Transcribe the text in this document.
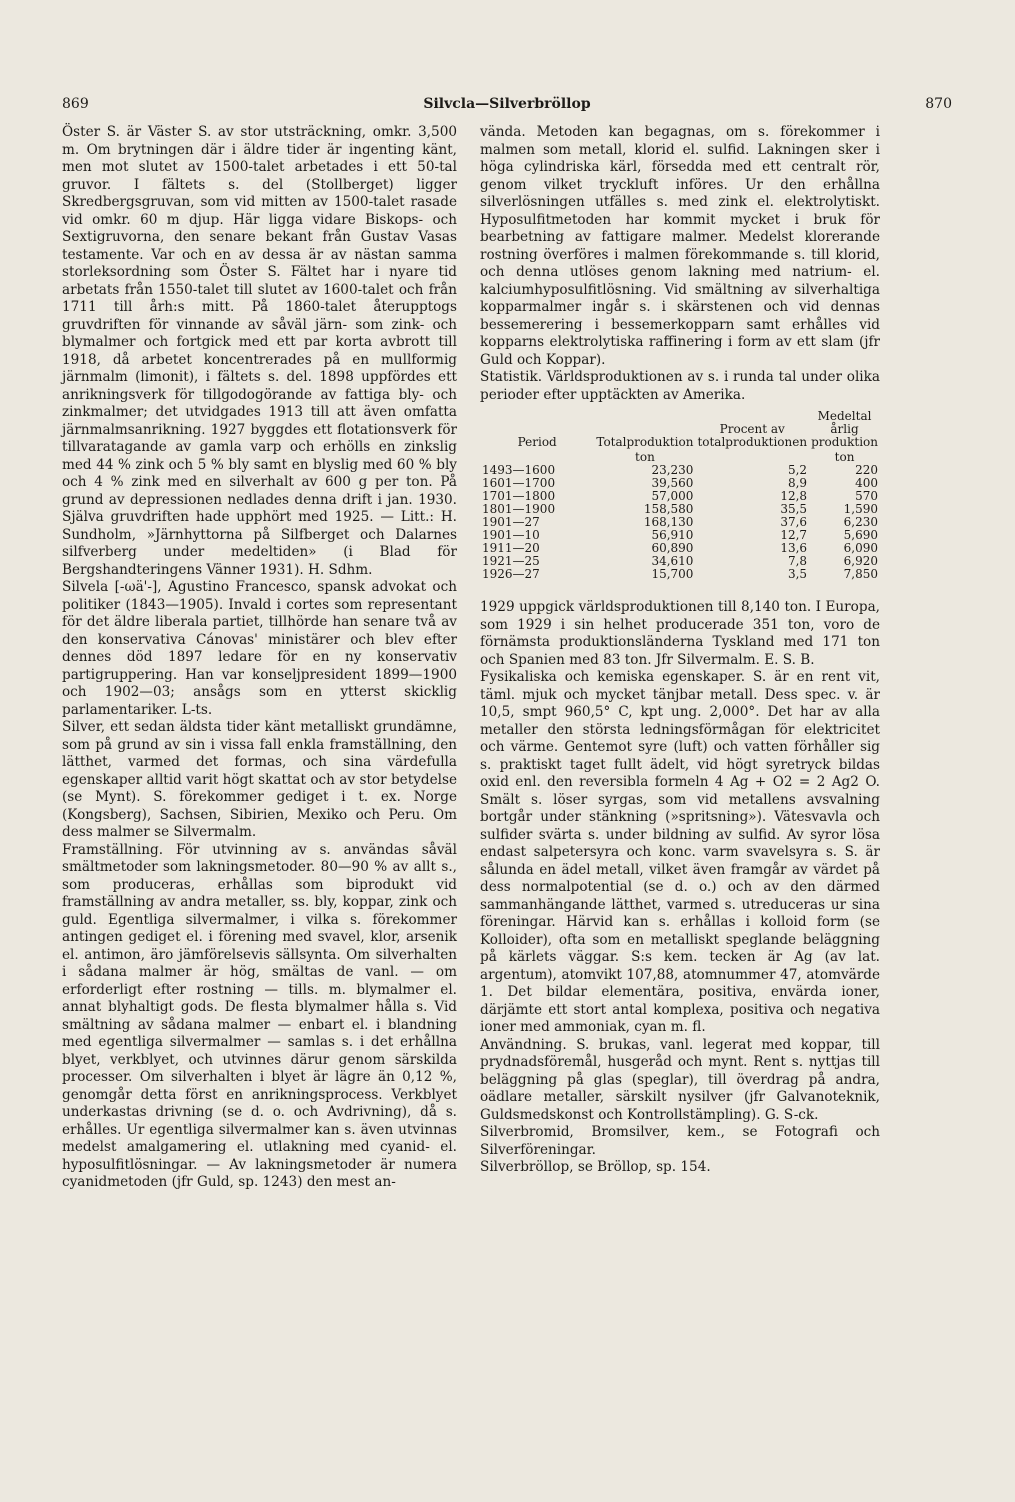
869	Silvcla—Silverbröllop	870

Öster S. är Väster S. av stor utsträckning, omkr. 3,500 m. Om brytningen där i äldre tider är ingenting känt, men mot slutet av 1500-talet arbetades i ett 50-tal gruvor. I fältets s. del (Stollberget) ligger Skredbergsgruvan, som vid mitten av 1500-talet rasade vid omkr. 60 m djup. Här ligga vidare Biskops- och Sextigruvorna, den senare bekant från Gustav Vasas testamente. Var och en av dessa är av nästan samma storleksordning som Öster S. Fältet har i nyare tid arbetats från 1550-talet till slutet av 1600-talet och från 1711 till årh:s mitt. På 1860-talet återupptogs gruvdriften för vinnande av såväl järn- som zink- och blymalmer och fortgick med ett par korta avbrott till 1918, då arbetet koncentrerades på en mullformig järnmalm (limonit), i fältets s. del. 1898 uppfördes ett anrikningsverk för tillgodogörande av fattiga bly- och zinkmalmer; det utvidgades 1913 till att även omfatta järnmalmsanrikning. 1927 byggdes ett flotationsverk för tillvaratagande av gamla varp och erhölls en zinkslig med 44 % zink och 5 % bly samt en blyslig med 60 % bly och 4 % zink med en silverhalt av 600 g per ton. På grund av depressionen nedlades denna drift i jan. 1930. Själva gruvdriften hade upphört med 1925. — Litt.: H. Sundholm, »Järnhyttorna på Silfberget och Dalarnes silfverberg under medeltiden» (i Blad för Bergshandteringens Vänner 1931). H. Sdhm.

Silvela [-ωä'-], Agustino Francesco, spansk advokat och politiker (1843—1905). Invald i cortes som representant för det äldre liberala partiet, tillhörde han senare två av den konservativa Cánovas' ministärer och blev efter dennes död 1897 ledare för en ny konservativ partigruppering. Han var konseljpresident 1899—1900 och 1902—03; ansågs som en ytterst skicklig parlamentariker. L-ts.

Silver, ett sedan äldsta tider känt metalliskt grundämne, som på grund av sin i vissa fall enkla framställning, den lätthet, varmed det formas, och sina värdefulla egenskaper alltid varit högt skattat och av stor betydelse (se Mynt). S. förekommer gediget i t. ex. Norge (Kongsberg), Sachsen, Sibirien, Mexiko och Peru. Om dess malmer se Silvermalm.

Framställning. För utvinning av s. användas såväl smältmetoder som lakningsmetoder. 80—90 % av allt s., som produceras, erhållas som biprodukt vid framställning av andra metaller, ss. bly, koppar, zink och guld. Egentliga silvermalmer, i vilka s. förekommer antingen gediget el. i förening med svavel, klor, arsenik el. antimon, äro jämförelsevis sällsynta. Om silverhalten i sådana malmer är hög, smältas de vanl. — om erforderligt efter rostning — tills. m. blymalmer el. annat blyhaltigt gods. De flesta blymalmer hålla s. Vid smältning av sådana malmer — enbart el. i blandning med egentliga silvermalmer — samlas s. i det erhållna blyet, verkblyet, och utvinnes därur genom särskilda processer. Om silverhalten i blyet är lägre än 0,12 %, genomgår detta först en anrikningsprocess. Verkblyet underkastas drivning (se d. o. och Avdrivning), då s. erhålles. Ur egentliga silvermalmer kan s. även utvinnas medelst amalgamering el. utlakning med cyanid- el. hyposulfitlösningar. — Av lakningsmetoder är numera cyanidmetoden (jfr Guld, sp. 1243) den mest an-

vända. Metoden kan begagnas, om s. förekommer i malmen som metall, klorid el. sulfid. Lakningen sker i höga cylindriska kärl, försedda med ett centralt rör, genom vilket tryckluft införes. Ur den erhållna silverlösningen utfälles s. med zink el. elektrolytiskt. Hyposulfitmetoden har kommit mycket i bruk för bearbetning av fattigare malmer. Medelst klorerande rostning överföres i malmen förekommande s. till klorid, och denna utlöses genom lakning med natrium- el. kalciumhyposulfitlösning. Vid smältning av silverhaltiga kopparmalmer ingår s. i skärstenen och vid dennas bessemerering i bessemerkopparn samt erhålles vid kopparns elektrolytiska raffinering i form av ett slam (jfr Guld och Koppar).

Statistik. Världsproduktionen av s. i runda tal under olika perioder efter upptäckten av Amerika.

Period	Totalproduktion	Procent av totalproduktionen	Medeltal årlig produktion
	ton		ton
1493—1600	23,230	5,2	220
1601—1700	39,560	8,9	400
1701—1800	57,000	12,8	570
1801—1900	158,580	35,5	1,590
1901—27	168,130	37,6	6,230
1901—10	56,910	12,7	5,690
1911—20	60,890	13,6	6,090
1921—25	34,610	7,8	6,920
1926—27	15,700	3,5	7,850

1929 uppgick världsproduktionen till 8,140 ton. I Europa, som 1929 i sin helhet producerade 351 ton, voro de förnämsta produktionsländerna Tyskland med 171 ton och Spanien med 83 ton. Jfr Silvermalm. E. S. B.

Fysikaliska och kemiska egenskaper. S. är en rent vit, täml. mjuk och mycket tänjbar metall. Dess spec. v. är 10,5, smpt 960,5° C, kpt ung. 2,000°. Det har av alla metaller den största ledningsförmågan för elektricitet och värme. Gentemot syre (luft) och vatten förhåller sig s. praktiskt taget fullt ädelt, vid högt syretryck bildas oxid enl. den reversibla formeln 4 Ag + O2 = 2 Ag2 O. Smält s. löser syrgas, som vid metallens avsvalning bortgår under stänkning (»spritsning»). Vätesvavla och sulfider svärta s. under bildning av sulfid. Av syror lösa endast salpetersyra och konc. varm svavelsyra s. S. är sålunda en ädel metall, vilket även framgår av värdet på dess normalpotential (se d. o.) och av den därmed sammanhängande lätthet, varmed s. utreduceras ur sina föreningar. Härvid kan s. erhållas i kolloid form (se Kolloider), ofta som en metalliskt speglande beläggning på kärlets väggar. S:s kem. tecken är Ag (av lat. argentum), atomvikt 107,88, atomnummer 47, atomvärde 1. Det bildar elementära, positiva, envärda ioner, därjämte ett stort antal komplexa, positiva och negativa ioner med ammoniak, cyan m. fl.

Användning. S. brukas, vanl. legerat med koppar, till prydnadsföremål, husgeråd och mynt. Rent s. nyttjas till beläggning på glas (speglar), till överdrag på andra, oädlare metaller, särskilt nysilver (jfr Galvanoteknik, Guldsmedskonst och Kontrollstämpling). G. S-ck.

Silverbromid, Bromsilver, kem., se Fotografi och Silverföreningar.

Silverbröllop, se Bröllop, sp. 154.
